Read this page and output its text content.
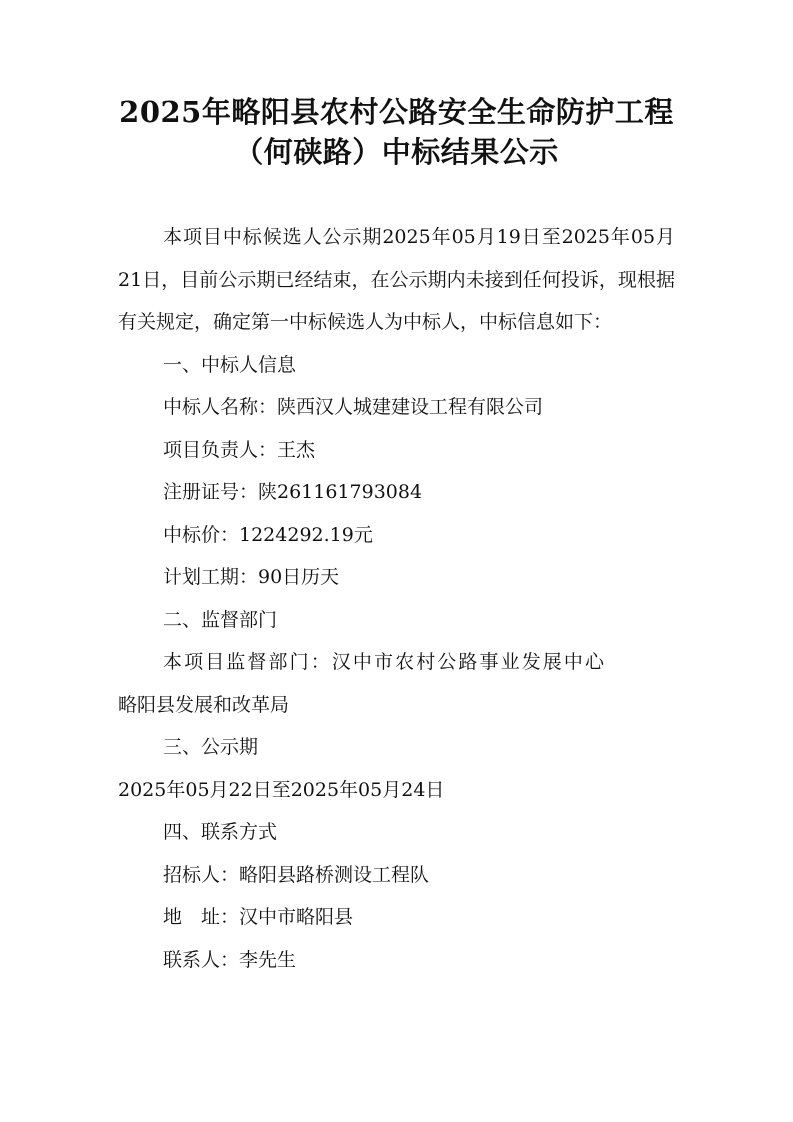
2025年略阳县农村公路安全生命防护工程
（何硖路）中标结果公示

本项目中标候选人公示期2025年05月19日至2025年05月21日，目前公示期已经结束，在公示期内未接到任何投诉，现根据有关规定，确定第一中标候选人为中标人，中标信息如下：

一、中标人信息

中标人名称：陕西汉人城建建设工程有限公司

项目负责人：王杰

注册证号：陕261161793084

中标价：1224292.19元

计划工期：90日历天

二、监督部门

本项目监督部门：汉中市农村公路事业发展中心

略阳县发展和改革局

三、公示期

2025年05月22日至2025年05月24日

四、联系方式

招标人：略阳县路桥测设工程队

地　址：汉中市略阳县

联系人：李先生
